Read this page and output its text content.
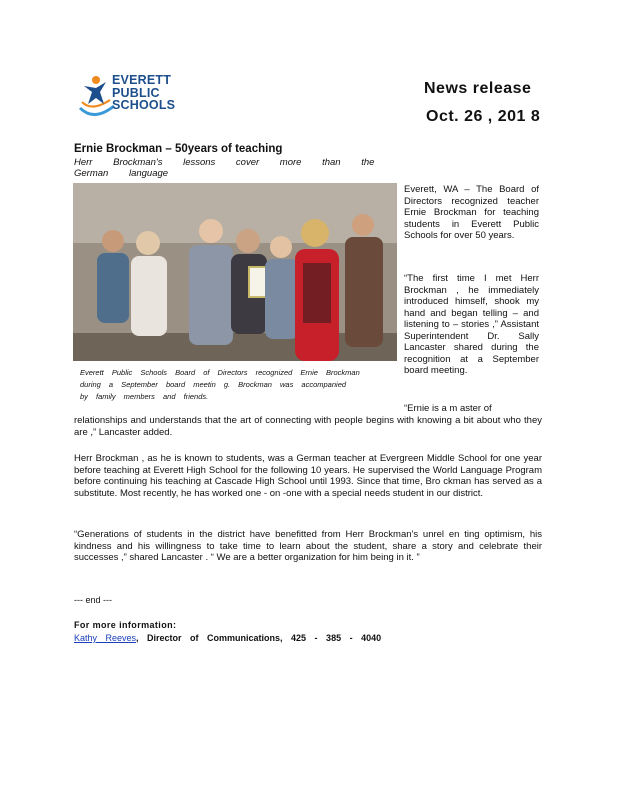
EVERETT
PUBLIC
SCHOOLS
News release
Oct. 26 , 201 8
Ernie Brockman – 50years of teaching
Herr Brockman's lessons cover more than the German language
Everett Public Schools Board of Directors recognized Ernie Brockman during a September board meetin g. Brockman was accompanied by family members and friends.
Everett, WA – The Board of Directors recognized teacher Ernie Brockman for teaching students in Everett Public Schools for over 50 years.
“The first time I met Herr Brockman , he immediately introduced himself, shook my hand and began telling – and listening to – stories ,” Assistant Superintendent Dr. Sally Lancaster shared during the recognition at a September board meeting.
“Ernie is a m aster of
relationships and understands that the art of connecting with people begins with knowing a bit about who they are ,” Lancaster added.
Herr Brockman , as he is known to students, was a German teacher at Evergreen Middle School for one year before teaching at Everett High School for the following 10 years. He supervised the World Language Program before continuing his teaching at Cascade High School until 1993. Since that time, Bro ckman has served as a substitute. Most recently, he has worked one - on -one with a special needs student in our district.
“Generations of students in the district have benefitted from Herr Brockman's unrel en ting optimism, his kindness and his willingness to take time to learn about the student, share a story and celebrate their successes ,” shared Lancaster . “ We are a better organization for him being in it. ”
--- end ---
For more information:
Kathy Reeves, Director of Communications, 425 - 385 - 4040
